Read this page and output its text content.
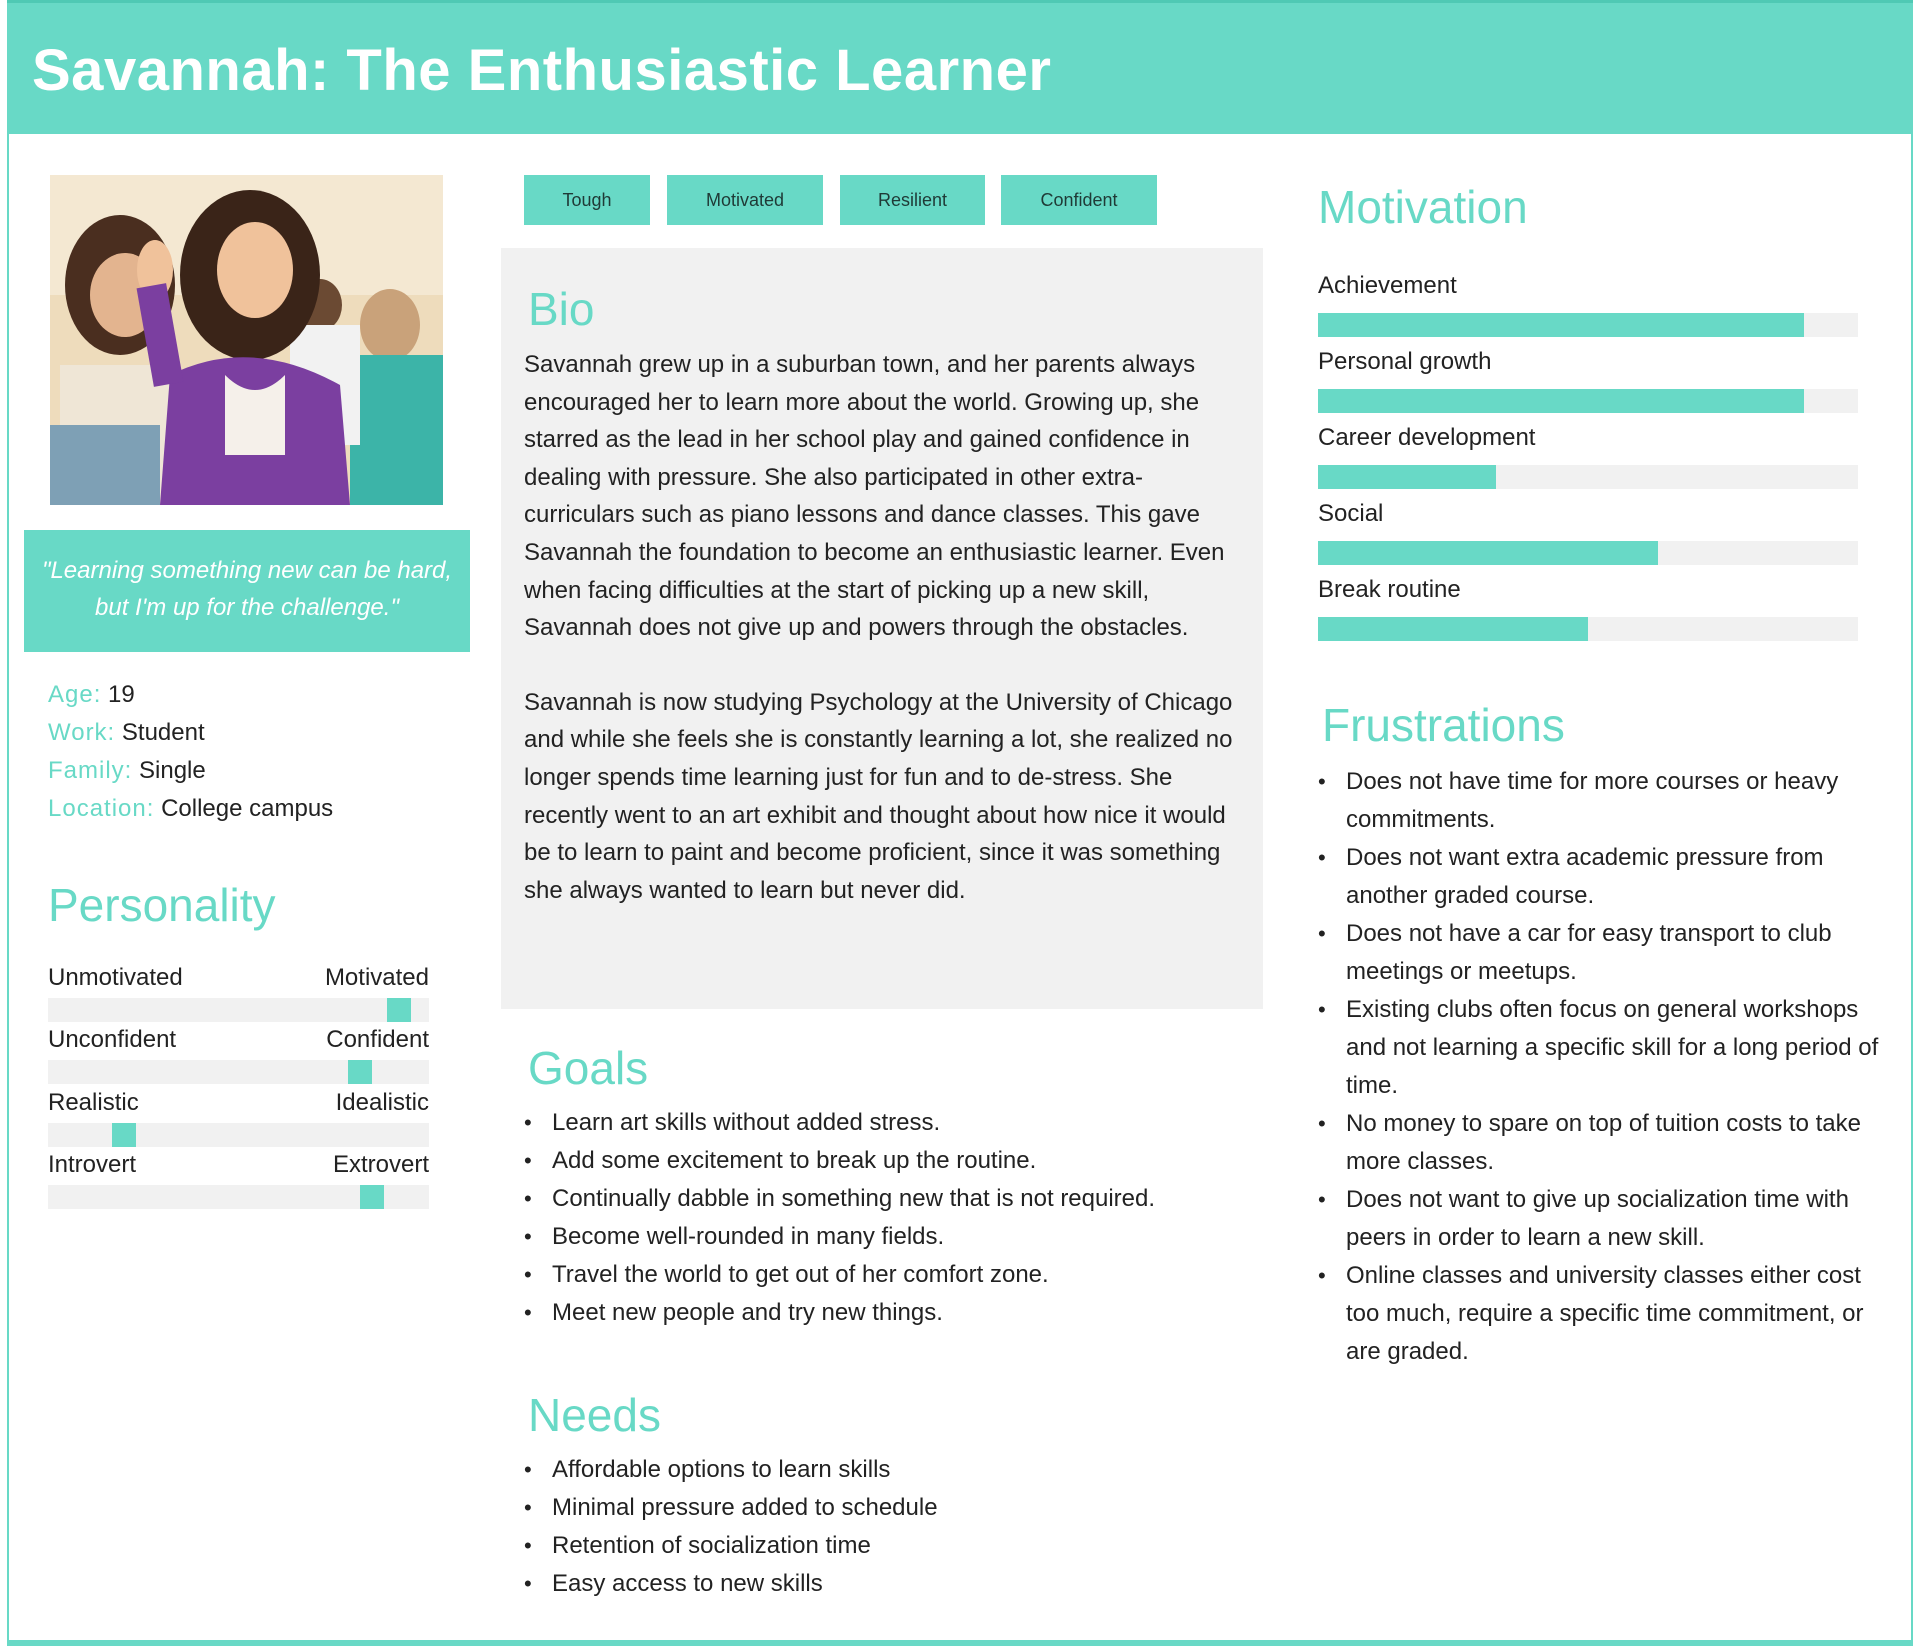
Savannah: The Enthusiastic Learner
"Learning something new can be hard, but I'm up for the challenge."
Age: 19
Work: Student
Family: Single
Location: College campus
Personality
Unmotivated	Motivated
Unconfident	Confident
Realistic	Idealistic
Introvert	Extrovert
Tough	Motivated	Resilient	Confident
Bio

Savannah grew up in a suburban town, and her parents always encouraged her to learn more about the world. Growing up, she starred as the lead in her school play and gained confidence in dealing with pressure. She also participated in other extra-curriculars such as piano lessons and dance classes. This gave Savannah the foundation to become an enthusiastic learner. Even when facing difficulties at the start of picking up a new skill, Savannah does not give up and powers through the obstacles.

Savannah is now studying Psychology at the University of Chicago and while she feels she is constantly learning a lot, she realized no longer spends time learning just for fun and to de-stress. She recently went to an art exhibit and thought about how nice it would be to learn to paint and become proficient, since it was something she always wanted to learn but never did.

Goals
• Learn art skills without added stress.
• Add some excitement to break up the routine.
• Continually dabble in something new that is not required.
• Become well-rounded in many fields.
• Travel the world to get out of her comfort zone.
• Meet new people and try new things.
Needs
• Affordable options to learn skills
• Minimal pressure added to schedule
• Retention of socialization time
• Easy access to new skills
Motivation
Achievement
Personal growth
Career development
Social
Break routine
Frustrations
• Does not have time for more courses or heavy commitments.
• Does not want extra academic pressure from another graded course.
• Does not have a car for easy transport to club meetings or meetups.
• Existing clubs often focus on general workshops and not learning a specific skill for a long period of time.
• No money to spare on top of tuition costs to take more classes.
• Does not want to give up socialization time with peers in order to learn a new skill.
• Online classes and university classes either cost too much, require a specific time commitment, or are graded.
